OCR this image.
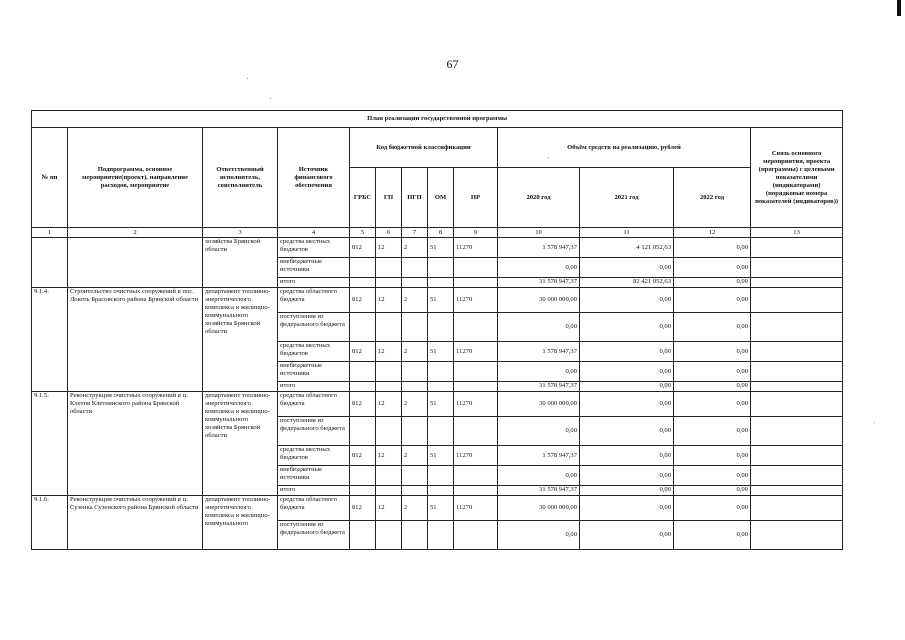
67
План реализации государственной программы												
№ пп	Подпрограмма, основное мероприятие(проект), направление расходов, мероприятие	Ответственный исполнитель, соисполнитель	Источник финансового обеспечения	Код бюджетной классификации					Объём средств на реализацию, рублей			Связь основного мероприятия, проекта (программы) с целевыми показателями (индикаторами) (порядковые номера показателей (индикаторов))
				ГРБС	ГП	ПГП	ОМ	НР	2020 год	2021 год	2022 год	
1	2	3	4	5	6	7	8	9	10	11	12	13
		хозяйства Брянской области	средства местных бюджетов	812	12	2	51	11270	1 578 947,37	4 121 052,63	0,00	
			внебюджетные источники						0,00	0,00	0,00	
			итого						31 578 947,37	82 421 052,63	0,00	
9.1.4.	Строительство очистных сооружений в пос. Локоть Брасовского района Брянской области	департамент топливно-энергетического комплекса и жилищно-коммунального хозяйства Брянской области	средства областного бюджета	812	12	2	51	11270	30 000 000,00	0,00	0,00	
			поступления из федерального бюджета						0,00	0,00	0,00	
			средства местных бюджетов	812	12	2	51	11270	1 578 947,37	0,00	0,00	
			внебюджетные источники						0,00	0,00	0,00	
			итого						31 578 947,37	0,00	0,00	
9.1.5.	Реконструкция очистных сооружений в п. Клетня Клетнянского района Брянской области	департамент топливно-энергетического комплекса и жилищно-коммунального хозяйства Брянской области	средства областного бюджета	812	12	2	51	11270	30 000 000,00	0,00	0,00	
			поступления из федерального бюджета						0,00	0,00	0,00	
			средства местных бюджетов	812	12	2	51	11270	1 578 947,37	0,00	0,00	
			внебюджетные источники						0,00	0,00	0,00	
			итого						31 578 947,37	0,00	0,00	
9.1.6.	Реконструкция очистных сооружений в п. Сузенка Сузенского района Брянской области	департамент топливно-энергетического комплекса и жилищно-коммунального	средства областного бюджета	812	12	2	51	11270	30 000 000,00	0,00	0,00	
			поступления из федерального бюджета						0,00	0,00	0,00	
